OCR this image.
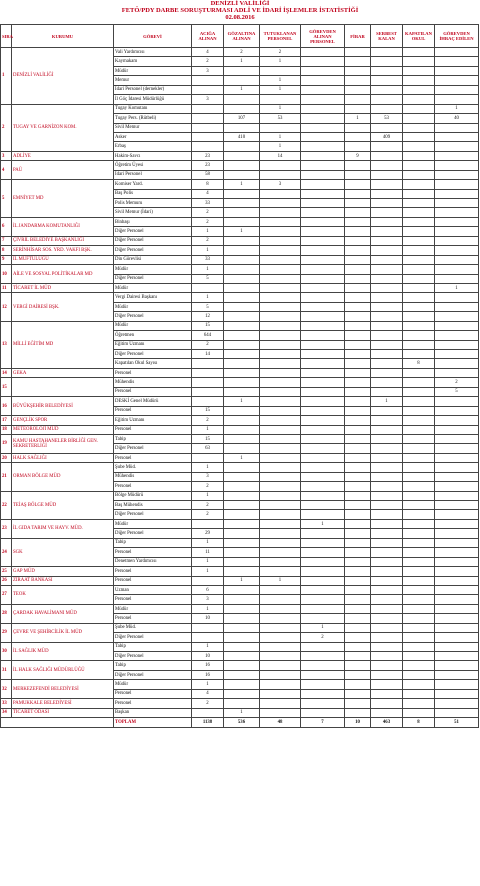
DENİZLİ VALİLİĞİ
FETÖ/PDY DARBE SORUŞTURMASI ADLİ VE İDARİ İŞLEMLER İSTATİSTİĞİ
02.08.2016
SIRA	KURUMU	GÖREVİ	ACIĞA ALINAN	GÖZALTINA ALINAN	TUTUKLANAN PERSONEL	GÖREVDEN ALINAN PERSONEL	FİRAR	SERBEST KALAN	KAPATILAN OKUL	GÖREVDEN İHRAÇ EDİLEN
1	DENİZLİ VALİLİĞİ	Vali Yardımcısı	4	2	2					
		Kaymakam	2	1	1					
		Müdür	3							
		Memur			1					
		İdari Personel (dernekler)		1	1					
		İl Göç İdaresi Müdürlüğü	3							
2	TUGAY VE GARNİZON KOM.	Tugay Komutanı			1					1
		Tugay Pers. (Rütbeli)		107	53		1	53		40
		Sivil Memur								
		Asker		410	1			409		
		Erbaş			1					
3	ADLİYE	Hakim-Savcı	23		14		9			
4	PAÜ	Öğretim Üyesi	23							
		İdari Personel	58							
5	EMNİYET MD	Komiser Yard.	8	1	3					
		Baş Polis	4							
		Polis Memuru	33							
		Sivil Memur (İdari)	2							
6	İL JANDARMA KOMUTANLIĞI	Binbaşı	2							
		Diğer Personel	1	1						
7	ÇİVRİL BELEDİYE BAŞKANLIĞI	Diğer Personel	2							
8	SERİNHİSAR SOS. YRD. VAKFI BŞK.	Diğer Personel	1							
9	İL MÜFTÜLÜĞÜ	Din Görevlisi	33							
10	AİLE VE SOSYAL POLİTİKALAR MD	Müdür	1							
		Diğer Personel	5							
11	TİCARET İL MÜD	Müdür								1
12	VERGİ DAİRESİ BŞK.	Vergi Dairesi Başkanı	1							
		Müdür	5							
		Diğer Personel	12							
13	MİLLİ EĞİTİM MD	Müdür	15							
		Öğretmen	644							
		Eğitim Uzmanı	2							
		Diğer Personel	14							
		Kapatılan Okul Sayısı							8	
14	GEKA	Personel								
15		Mühendis								2
		Personel								5
16	BÜYÜKŞEHİR BELEDİYESİ	DESKİ Genel Müdürü		1				1		
		Personel	15							
17	GENÇLİK SPOR	Eğitim Uzmanı	2							
18	METEOROLOJİ MÜD	Personel	1							
19	KAMU HASTAHANELER BİRLİĞİ GEN. SEKRETERLİĞİ	Tabip	15							
		Diğer Personel	63							
20	HALK SAĞLIĞI	Personel		1						
21	ORMAN BÖLGE MÜD	Şube Müd.	1							
		Mühendis	3							
		Personel	2							
22	TEİAŞ BÖLGE MÜD	Bölge Müdürü	1							
		Baş Mühendis	2							
		Diğer Personel	2							
23	İL GIDA TARIM VE HAYV. MÜD.	Müdür				1				
		Diğer Personel	29							
24	SGK	Tabip	1							
		Personel	11							
		Denetmen Yardımcısı	1							
25	GAP MÜD	Personel	1							
26	ZİRAAT BANKASI	Personel		1	1					
27	TEOK	Uzman	6							
		Personel	3							
28	ÇARDAK HAVALİMANI MÜD	Müdür	1							
		Personel	10							
29	ÇEVRE VE ŞEHİRCİLİK İL MÜD	Şube Müd.				1				
		Diğer Personel				2				
30	İL SAĞLIK MÜD	Tabip	1							
		Diğer Personel	10							
31	İL HALK SAĞLIĞI MÜDÜRLÜĞÜ	Tabip	16							
		Diğer Personel	16							
32	MERKEZEFENDİ BELEDİYESİ	Müdür	1							
		Personel	4							
33	PAMUKKALE BELEDİYESİ	Personel	2							
34	TİCARET ODASI	Başkan		1						
		TOPLAM	1138	536	48	7	10	463	8	51
